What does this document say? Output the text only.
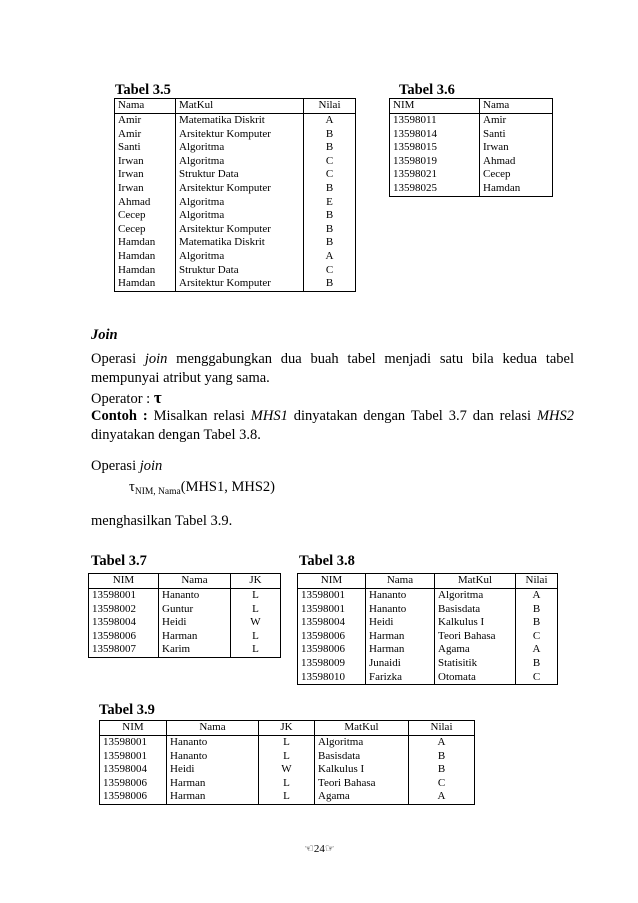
Tabel 3.5
Nama	MatKul	Nilai
Amir	Matematika Diskrit	A
Amir	Arsitektur Komputer	B
Santi	Algoritma	B
Irwan	Algoritma	C
Irwan	Struktur Data	C
Irwan	Arsitektur Komputer	B
Ahmad	Algoritma	E
Cecep	Algoritma	B
Cecep	Arsitektur Komputer	B
Hamdan	Matematika Diskrit	B
Hamdan	Algoritma	A
Hamdan	Struktur Data	C
Hamdan	Arsitektur Komputer	B
Tabel 3.6
NIM	Nama
13598011	Amir
13598014	Santi
13598015	Irwan
13598019	Ahmad
13598021	Cecep
13598025	Hamdan
Join
Operasi join menggabungkan dua buah tabel menjadi satu bila kedua tabel
mempunyai atribut yang sama.
Operator : τ
Contoh : Misalkan relasi MHS1 dinyatakan dengan Tabel 3.7 dan relasi MHS2
dinyatakan dengan Tabel 3.8.
Operasi join
$\tau_{NIM, Nama}(MHS1$, MHS2)
menghasilkan Tabel 3.9.
Tabel 3.7
NIM	Nama	JK
13598001	Hananto	L
13598002	Guntur	L
13598004	Heidi	W
13598006	Harman	L
13598007	Karim	L
Tabel 3.8
NIM	Nama	MatKul	Nilai
13598001	Hananto	Algoritma	A
13598001	Hananto	Basisdata	B
13598004	Heidi	Kalkulus I	B
13598006	Harman	Teori Bahasa	C
13598006	Harman	Agama	A
13598009	Junaidi	Statisitik	B
13598010	Farizka	Otomata	C
Tabel 3.9
NIM	Nama	JK	MatKul	Nilai
13598001	Hananto	L	Algoritma	A
13598001	Hananto	L	Basisdata	B
13598004	Heidi	W	Kalkulus I	B
13598006	Harman	L	Teori Bahasa	C
13598006	Harman	L	Agama	A
☜24☞
